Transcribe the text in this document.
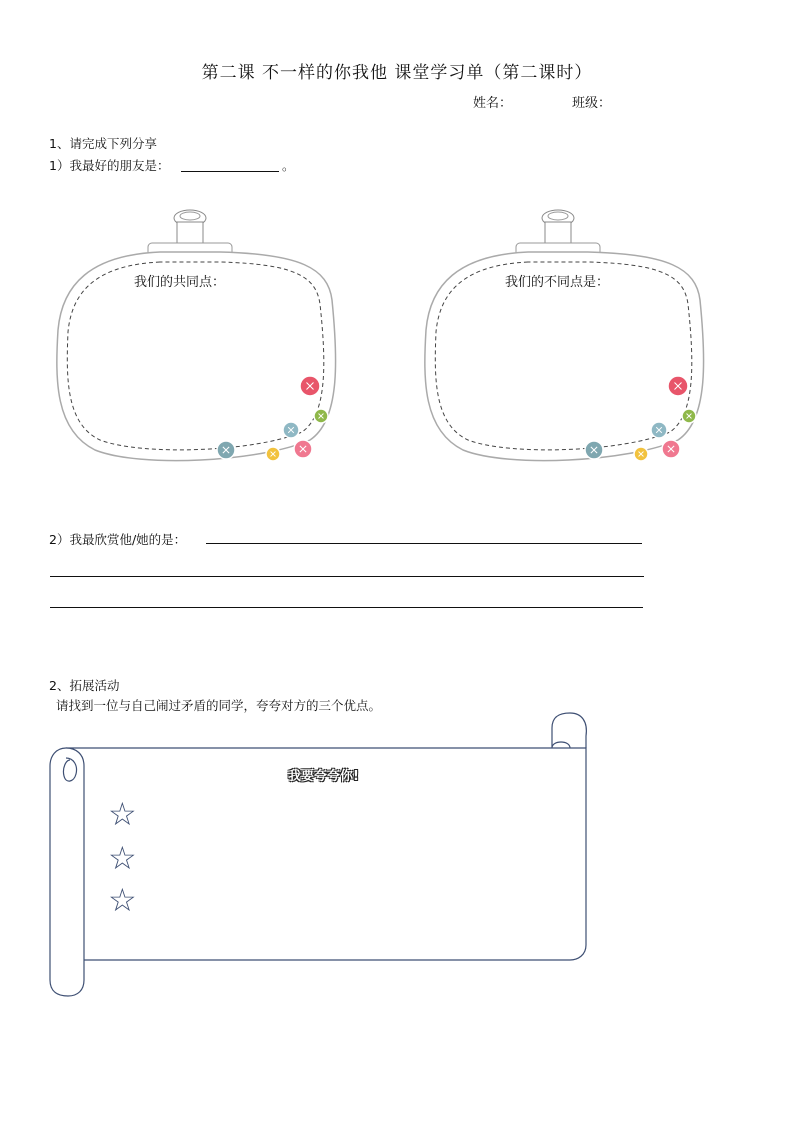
第二课 不一样的你我他 课堂学习单（第二课时）
姓名：	班级：
1、请完成下列分享
1）我最好的朋友是：	。
我们的共同点：	我们的不同点是：
2）我最欣赏他/她的是：
2、拓展活动
请找到一位与自己闹过矛盾的同学，夸夸对方的三个优点。
我要夸夸你!
☆
☆
☆
